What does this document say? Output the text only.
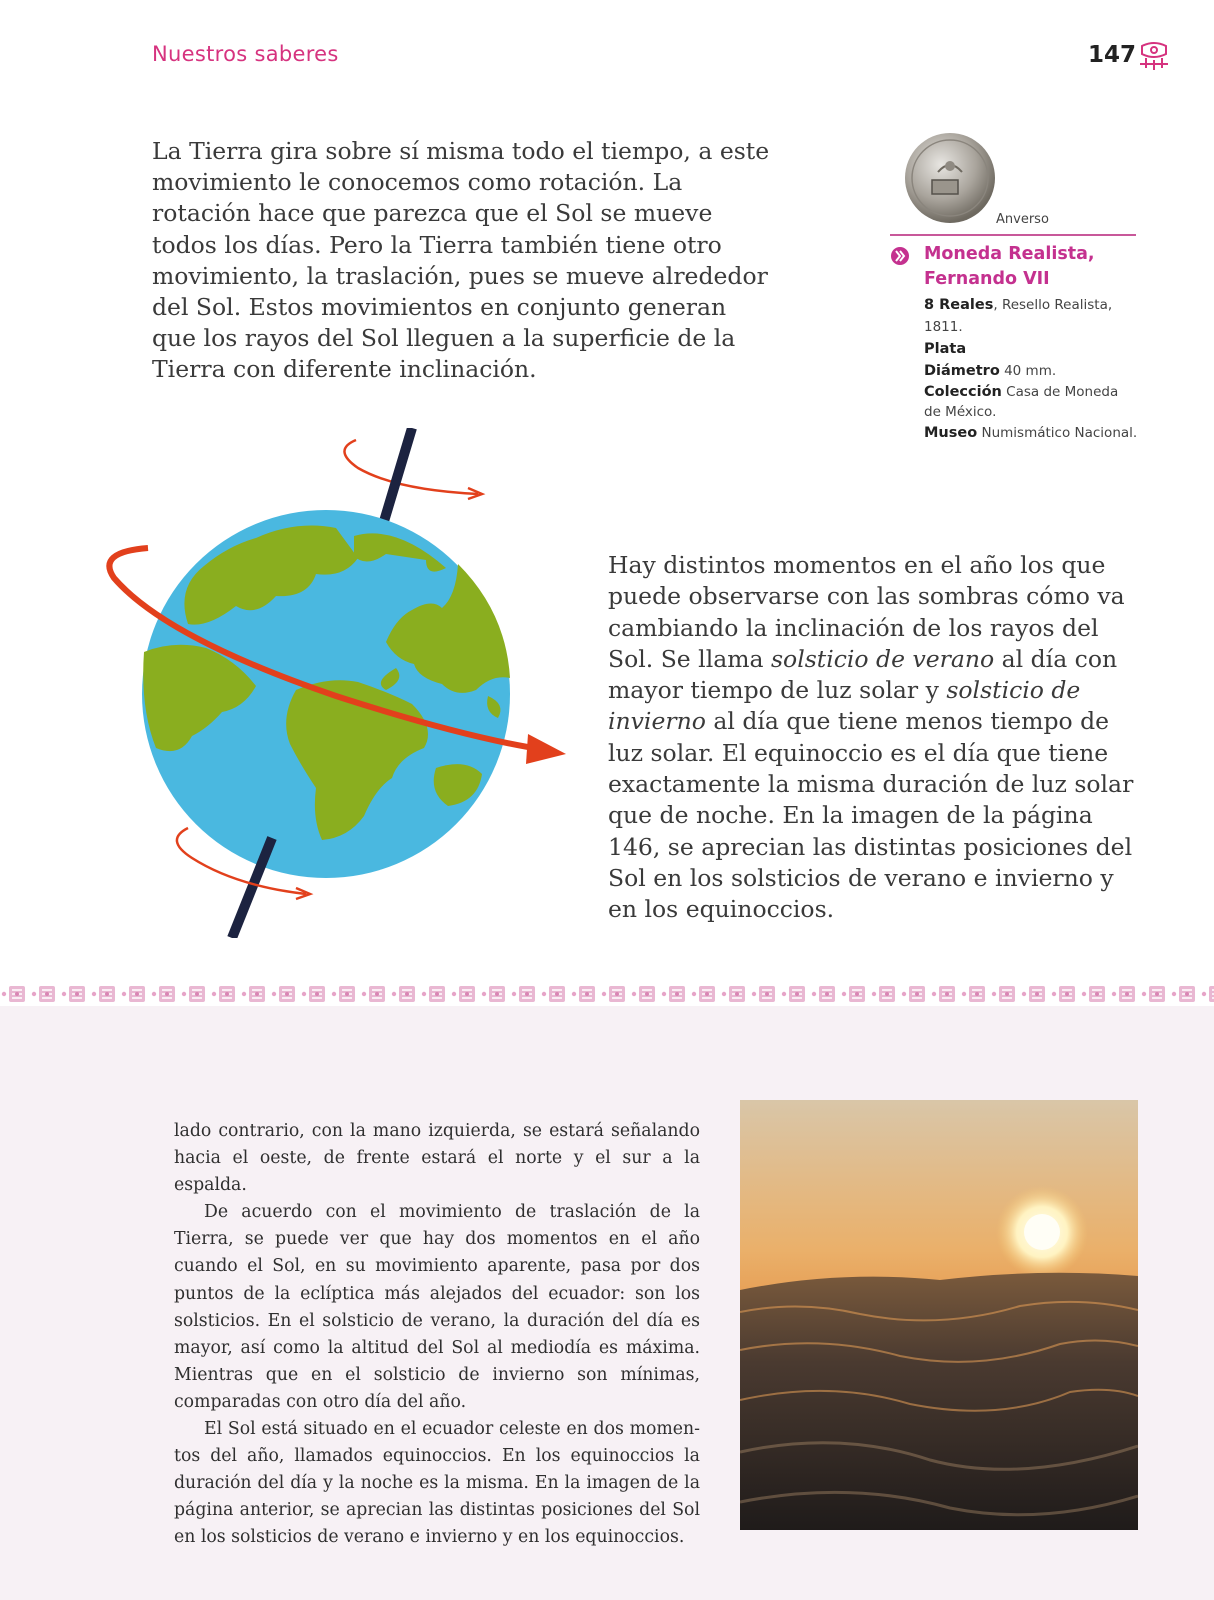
Nuestros saberes	147

La Tierra gira sobre sí misma todo el tiempo, a este movimiento le conocemos como rotación. La rotación hace que parezca que el Sol se mueve todos los días. Pero la Tierra también tiene otro movimiento, la traslación, pues se mueve alrededor del Sol. Estos movimientos en conjunto generan que los rayos del Sol lleguen a la superficie de la Tierra con diferente inclinación.

Anverso
Moneda Realista, Fernando VII
8 Reales, Resello Realista, 1811.
Plata
Diámetro 40 mm.
Colección Casa de Moneda de México.
Museo Numismático Nacional.

Hay distintos momentos en el año los que puede observarse con las sombras cómo va cambiando la inclinación de los rayos del Sol. Se llama solsticio de verano al día con mayor tiempo de luz solar y solsticio de invierno al día que tiene menos tiempo de luz solar. El equinoccio es el día que tiene exactamente la misma duración de luz solar que de noche. En la imagen de la página 146, se aprecian las distintas posiciones del Sol en los solsticios de verano e invierno y en los equinoccios.

lado contrario, con la mano izquierda, se estará señalando hacia el oeste, de frente estará el norte y el sur a la espalda.

De acuerdo con el movimiento de traslación de la Tierra, se puede ver que hay dos momentos en el año cuando el Sol, en su movimiento aparente, pasa por dos puntos de la eclíptica más alejados del ecuador: son los solsticios. En el solsticio de verano, la duración del día es mayor, así como la altitud del Sol al mediodía es máxima. Mientras que en el solsticio de invierno son mínimas, comparadas con otro día del año.

El Sol está situado en el ecuador celeste en dos momen-tos del año, llamados equinoccios. En los equinoccios la duración del día y la noche es la misma. En la imagen de la página anterior, se aprecian las distintas posiciones del Sol en los solsticios de verano e invierno y en los equinoccios.
